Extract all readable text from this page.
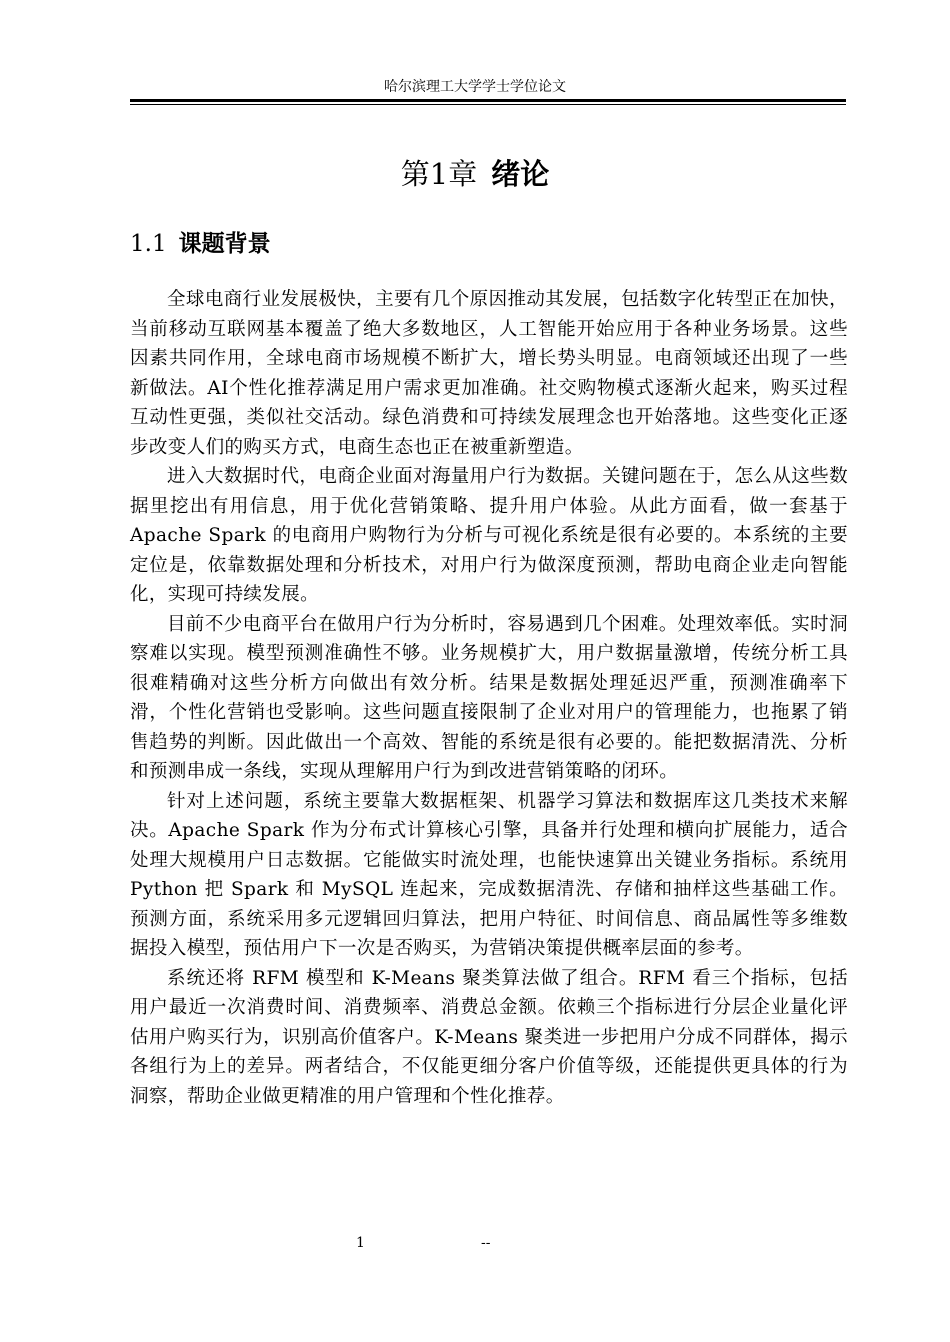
哈尔滨理工大学学士学位论文
第1章 绪论
1.1 课题背景

全球电商行业发展极快，主要有几个原因推动其发展，包括数字化转型正在加快，当前移动互联网基本覆盖了绝大多数地区，人工智能开始应用于各种业务场景。这些因素共同作用，全球电商市场规模不断扩大，增长势头明显。电商领域还出现了一些新做法。AI个性化推荐满足用户需求更加准确。社交购物模式逐渐火起来，购买过程互动性更强，类似社交活动。绿色消费和可持续发展理念也开始落地。这些变化正逐步改变人们的购买方式，电商生态也正在被重新塑造。

进入大数据时代，电商企业面对海量用户行为数据。关键问题在于，怎么从这些数据里挖出有用信息，用于优化营销策略、提升用户体验。从此方面看，做一套基于 Apache Spark 的电商用户购物行为分析与可视化系统是很有必要的。本系统的主要定位是，依靠数据处理和分析技术，对用户行为做深度预测，帮助电商企业走向智能化，实现可持续发展。

目前不少电商平台在做用户行为分析时，容易遇到几个困难。处理效率低。实时洞察难以实现。模型预测准确性不够。业务规模扩大，用户数据量激增，传统分析工具很难精确对这些分析方向做出有效分析。结果是数据处理延迟严重，预测准确率下滑，个性化营销也受影响。这些问题直接限制了企业对用户的管理能力，也拖累了销售趋势的判断。因此做出一个高效、智能的系统是很有必要的。能把数据清洗、分析和预测串成一条线，实现从理解用户行为到改进营销策略的闭环。

针对上述问题，系统主要靠大数据框架、机器学习算法和数据库这几类技术来解决。Apache Spark 作为分布式计算核心引擎，具备并行处理和横向扩展能力，适合处理大规模用户日志数据。它能做实时流处理，也能快速算出关键业务指标。系统用 Python 把 Spark 和 MySQL 连起来，完成数据清洗、存储和抽样这些基础工作。预测方面，系统采用多元逻辑回归算法，把用户特征、时间信息、商品属性等多维数据投入模型，预估用户下一次是否购买，为营销决策提供概率层面的参考。

系统还将 RFM 模型和 K-Means 聚类算法做了组合。RFM 看三个指标，包括用户最近一次消费时间、消费频率、消费总金额。依赖三个指标进行分层企业量化评估用户购买行为，识别高价值客户。K-Means 聚类进一步把用户分成不同群体，揭示各组行为上的差异。两者结合，不仅能更细分客户价值等级，还能提供更具体的行为洞察，帮助企业做更精准的用户管理和个性化推荐。

1	--
